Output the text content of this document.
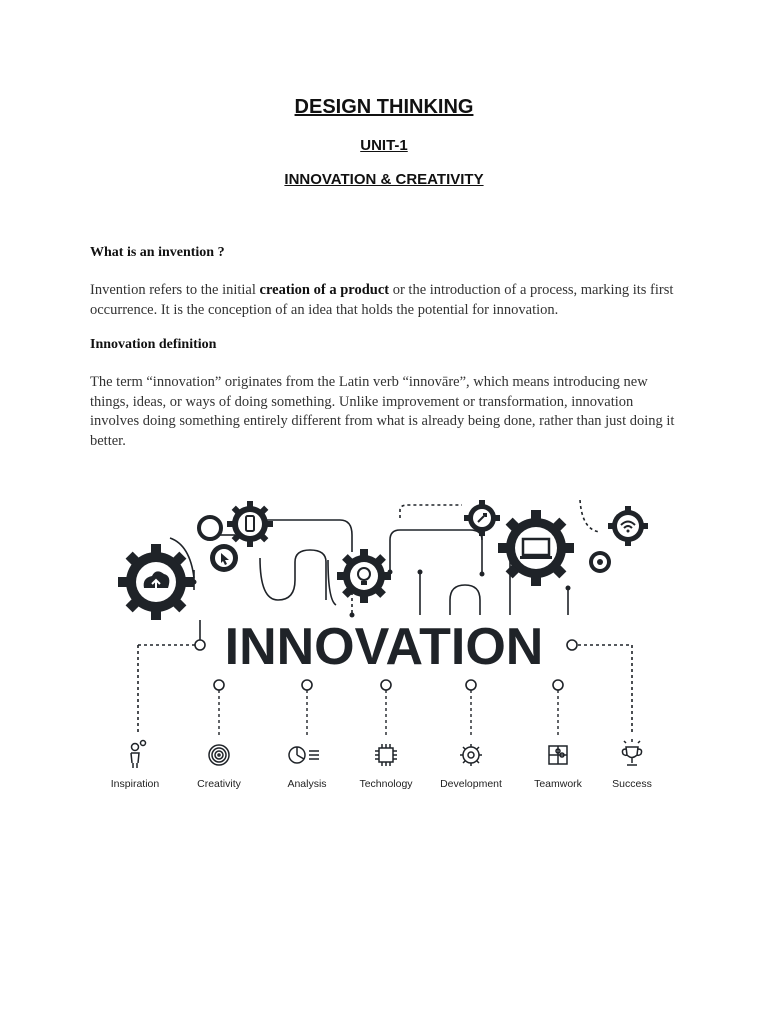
DESIGN THINKING
UNIT-1
INNOVATION & CREATIVITY
What is an invention ?

Invention refers to the initial creation of a product or the introduction of a process, marking its first occurrence. It is the conception of an idea that holds the potential for innovation.

Innovation definition

The term “innovation” originates from the Latin verb “innovāre”, which means introducing new things, ideas, or ways of doing something. Unlike improvement or transformation, innovation involves doing something entirely different from what is already being done, rather than just doing it better.

INNOVATION
Inspiration	Creativity	Analysis	Technology	Development	Teamwork	Success
